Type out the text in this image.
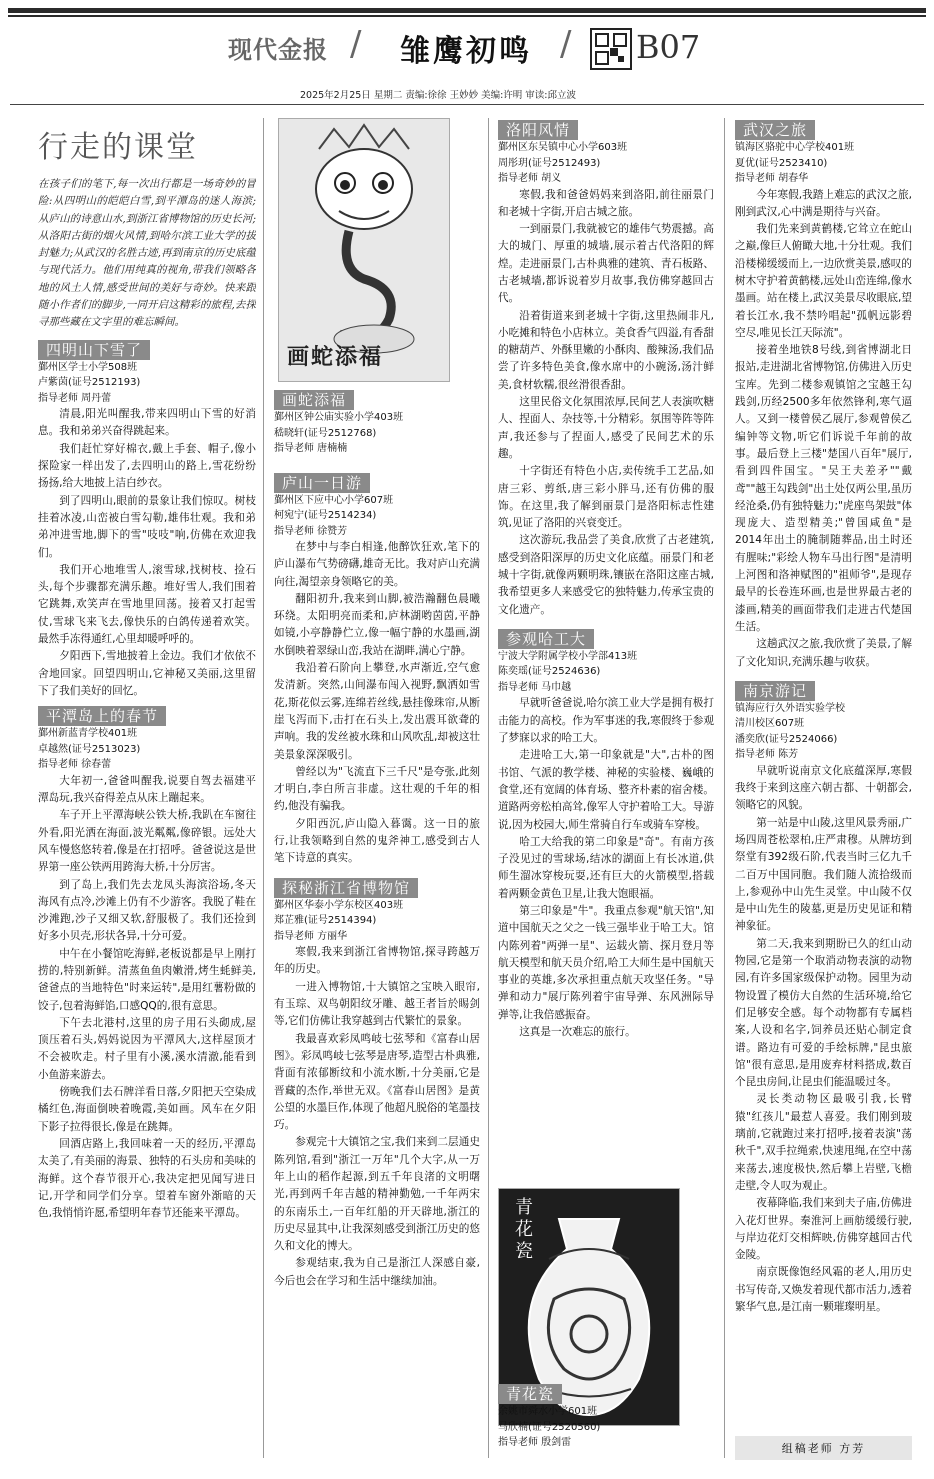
现代金报 / 雏鹰初鸣 / B07
2025年2月25日 星期二 责编:徐徐 王妙妙 美编:许明 审读:邱立波
行走的课堂
在孩子们的笔下,每一次出行都是一场奇妙的冒险:从四明山的皑皑白雪,到平潭岛的迷人海滨;从庐山的诗意山水,到浙江省博物馆的历史长河;从洛阳古街的烟火风情,到哈尔滨工业大学的拔封魅力;从武汉的名胜古迹,再到南京的历史底蕴与现代活力。他们用纯真的视角,带我们领略各地的风土人情,感受世间的美好与奇妙。快来跟随小作者们的脚步,一同开启这精彩的旅程,去探寻那些藏在文字里的难忘瞬间。
四明山下雪了
鄞州区学士小学508班
卢紫茵(证号2512193)
指导老师 周丹蕾

清晨,阳光叫醒我,带来四明山下雪的好消息。我和弟弟兴奋得跳起来。

我们赶忙穿好棉衣,戴上手套、帽子,像小探险家一样出发了,去四明山的路上,雪花纷纷扬扬,给大地披上洁白纱衣。

到了四明山,眼前的景象让我们惊叹。树枝挂着冰凌,山峦被白雪勾勒,雄伟壮观。我和弟弟冲进雪地,脚下的雪"吱吱"响,仿佛在欢迎我们。

我们开心地堆雪人,滚雪球,找树枝、捡石头,每个步骤都充满乐趣。堆好雪人,我们围着它跳舞,欢笑声在雪地里回荡。接着又打起雪仗,雪球飞来飞去,像快乐的白鸽传递着欢笑。最然手冻得通红,心里却暖呼呼的。

夕阳西下,雪地披着上金边。我们才依依不舍地回家。回望四明山,它神秘又美丽,这里留下了我们美好的回忆。

平潭岛上的春节
鄞州新蓝青学校401班
卓越然(证号2513023)
指导老师 徐春蕾

大年初一,爸爸叫醒我,说要自驾去福建平潭岛玩,我兴奋得差点从床上蹦起来。

车子开上平潭海峡公铁大桥,我趴在车窗往外看,阳光洒在海面,波光粼粼,像碎银。远处大风车慢悠悠转着,像是在打招呼。爸爸说这是世界第一座公铁两用跨海大桥,十分厉害。

到了岛上,我们先去龙凤头海滨浴场,冬天海风有点冷,沙滩上仍有不少游客。我脱了鞋在沙滩跑,沙子又细又软,舒服极了。我们还捡到好多小贝壳,形状各异,十分可爱。

中午在小餐馆吃海鲜,老板说都是早上刚打捞的,特别新鲜。清蒸鱼鱼肉嫩滑,烤生蚝鲜美,爸爸点的当地特色"时来运转",是用红薯粉做的饺子,包着海鲜馅,口感QQ的,很有意思。

下午去北港村,这里的房子用石头砌成,屋顶压着石头,妈妈说因为平潭风大,这样屋顶才不会被吹走。村子里有小溪,溪水清澈,能看到小鱼游来游去。

傍晚我们去石牌洋看日落,夕阳把天空染成橘红色,海面倒映着晚霞,美如画。风车在夕阳下影子拉得很长,像是在跳舞。

回酒店路上,我回味着一天的经历,平潭岛太美了,有美丽的海景、独特的石头房和美味的海鲜。这个春节很开心,我决定把见闻写进日记,开学和同学们分享。望着车窗外渐暗的天色,我悄悄许愿,希望明年春节还能来平潭岛。

画蛇添福
画蛇添福
鄞州区钟公庙实验小学403班
嵇晓轩(证号2512768)
指导老师 唐楠楠
庐山一日游
鄞州区下应中心小学607班
柯宛宁(证号2514234)
指导老师 徐赞芳

在梦中与李白相逢,他醉饮狂欢,笔下的庐山瀑布气势磅礴,雄奇无比。我对庐山充满向往,渴望亲身领略它的美。

翻阳初升,我来到山脚,被浩瀚翻色晨曦环绕。太阳明亮而柔和,庐林湖哟茵茵,平静如镜,小亭静静伫立,像一幅宁静的水墨画,湖水倒映着翠绿山峦,我站在湖畔,满心宁静。

我沿着石阶向上攀登,水声渐近,空气愈发清新。突然,山间瀑布闯入视野,飘洒如雪花,斯花似云雾,连绵若丝线,悬挂像珠帘,从断崖飞泻而下,击打在石头上,发出震耳欲聋的声响。我的发丝被水珠和山风吹乱,却被这壮美景象深深吸引。

曾经以为"飞流直下三千尺"是夸张,此刻才明白,李白所言非虚。这壮观的千年的相约,他没有骗我。

夕阳西沉,庐山隐入暮霭。这一日的旅行,让我领略到自然的鬼斧神工,感受到古人笔下诗意的真实。

探秘浙江省博物馆
鄞州区华泰小学东校区403班
郑芷雅(证号2514394)
指导老师 方丽华

寒假,我来到浙江省博物馆,探寻跨越万年的历史。

一进入博物馆,十大镇馆之宝映入眼帘,有玉琮、双鸟朝阳纹牙雕、越王者旨於睗剑等,它们仿佛让我穿越到古代繁忙的景象。

我最喜欢彩凤鸣岐七弦琴和《富春山居图》。彩凤鸣岐七弦琴是唐琴,造型古朴典雅,背面有浓郁断纹和小流水断,十分美丽,它是晋藏的杰作,举世无双。《富春山居图》是黄公望的水墨巨作,体现了他超凡脱俗的笔墨技巧。

参观完十大镇馆之宝,我们来到二层通史陈列馆,看到"浙江一万年"几个大字,从一万年上山的稻作起源,到五千年良渚的文明曙光,再到两千年吉越的精神勤勉,一千年两宋的东南乐土,一百年红船的开天辟地,浙江的历史尽显其中,让我深刻感受到浙江历史的悠久和文化的博大。

参观结束,我为自己是浙江人深感自豪,今后也会在学习和生活中继续加油。

洛阳风情
鄞州区东吴镇中心小学603班
周彤玥(证号2512493)
指导老师 胡义

寒假,我和爸爸妈妈来到洛阳,前往丽景门和老城十字街,开启古城之旅。

一到丽景门,我就被它的雄伟气势震撼。高大的城门、厚重的城墙,展示着古代洛阳的辉煌。走进丽景门,古朴典雅的建筑、青石板路、古老城墙,都诉说着岁月故事,我仿佛穿越回古代。

沿着街道来到老城十字街,这里热闹非凡,小吃摊和特色小店林立。美食香气四溢,有香甜的糖葫芦、外酥里嫩的小酥肉、酸辣汤,我们品尝了许多特色美食,像水席中的小碗汤,汤汁鲜美,食材软糯,很丝滑很香甜。

这里民俗文化氛围浓厚,民间艺人表演吹糖人、捏面人、杂技等,十分精彩。氛围等阵等阵声,我还参与了捏面人,感受了民间艺术的乐趣。

十字街还有特色小店,卖传统手工艺品,如唐三彩、剪纸,唐三彩小胖马,还有仿佛的服饰。在这里,我了解到丽景门是洛阳标志性建筑,见证了洛阳的兴衰变迁。

这次游玩,我品尝了美食,欣赏了古老建筑,感受到洛阳深厚的历史文化底蕴。丽景门和老城十字街,就像两颗明珠,镶嵌在洛阳这座古城,我希望更多人来感受它的独特魅力,传承宝贵的文化遗产。

参观哈工大
宁波大学附属学校小学部413班
陈奕瑶(证号2524636)
指导老师 马巾越

早就听爸爸说,哈尔滨工业大学是拥有极打击能力的高校。作为军事迷的我,寒假终于参观了梦寐以求的哈工大。

走进哈工大,第一印象就是"大",古朴的图书馆、气派的教学楼、神秘的实验楼、巍峨的食堂,还有宽阔的体育场、整齐朴素的宿舍楼。道路两旁松柏高耸,像军人守护着哈工大。导游说,因为校园大,师生常骑自行车或骑车穿梭。

哈工大给我的第二印象是"奇"。有南方孩子没见过的雪球场,结冰的湖面上有长冰道,供师生溜冰穿梭玩耍,还有巨大的火箭模型,搭载着两颗金黄色卫星,让我大饱眼福。

第三印象是"牛"。我重点参观"航天馆",知道中国航天之父之一钱三强毕业于哈工大。馆内陈列着"两弹一星"、运载火箭、探月登月等航天模型和航天员介绍,哈工大师生是中国航天事业的英雄,多次承担重点航天攻坚任务。"导弹和动力"展厅陈列着宇宙导弹、东风洲际导弹等,让我倍感振奋。

这真是一次难忘的旅行。

青花瓷
青花瓷
余姚市舜水小学601班
马欣楠(证号2520560)
指导老师 殷剑雷
武汉之旅
镇海区骆驼中心学校401班
夏优(证号2523410)
指导老师 胡春华

今年寒假,我踏上难忘的武汉之旅,刚到武汉,心中满是期待与兴奋。

我们先来到黄鹤楼,它耸立在蛇山之巅,像巨人俯瞰大地,十分壮观。我们沿楼梯缓缓而上,一边欣赏美景,感叹的树木守护着黄鹤楼,远处山峦连绵,像水墨画。站在楼上,武汉美景尽收眼底,望着长江水,我不禁吟唱起"孤帆远影碧空尽,唯见长江天际流"。

接着坐地铁8号线,到省博湖北日报站,走进湖北省博物馆,仿佛进入历史宝库。先到二楼参观镇馆之宝越王勾践剑,历经2500多年依然锋利,寒气逼人。又到一楼曾侯乙展厅,参观曾侯乙编钟等文物,听它们诉说千年前的故事。最后登上三楼"楚国八百年"展厅,看到四件国宝。"吴王夫差矛""戴鸢""越王勾践剑"出土处仅两公里,虽历经沧桑,仍有独特魅力;"虎座鸟架鼓"体现庞大、造型精美;"曾国咸鱼"是2014年出土的腌制随葬品,出土时还有腥味;"彩绘人物车马出行图"是清明上河图和洛神赋图的"祖师爷",是现存最早的长卷连环画,也是世界最古老的漆画,精美的画面带我们走进古代楚国生活。

这趟武汉之旅,我欣赏了美景,了解了文化知识,充满乐趣与收获。

南京游记
镇海应行久外语实验学校
清川校区607班
潘奕欣(证号2524066)
指导老师 陈芳

早就听说南京文化底蕴深厚,寒假我终于来到这座六朝古都、十朝都会,领略它的风貌。

第一站是中山陵,这里风景秀丽,广场四周苍松翠柏,庄严肃穆。从牌坊到祭堂有392级石阶,代表当时三亿九千二百万中国同胞。我们随人流拾级而上,参观孙中山先生灵堂。中山陵不仅是中山先生的陵墓,更是历史见证和精神象征。

第二天,我来到期盼已久的红山动物园,它是第一个取消动物表演的动物园,有许多国家级保护动物。园里为动物设置了模仿大自然的生活环境,给它们足够安全感。每个动物都有专属档案,人设和名字,饲养员还贴心制定食谱。路边有可爱的手绘标牌,"昆虫旅馆"很有意思,是用废弃材料搭成,数百个昆虫房间,让昆虫们能温暖过冬。

灵长类动物区最吸引我,长臂猿"红孩儿"最惹人喜爱。我们刚到玻璃前,它就跑过来打招呼,接着表演"荡秋千",双手拉绳索,快速甩绳,在空中荡来荡去,速度极快,然后攀上岩壁,飞檐走壁,令人叹为观止。

夜幕降临,我们来到夫子庙,仿佛进入花灯世界。秦淮河上画舫缓缓行驶,与岸边花灯交相辉映,仿佛穿越回古代金陵。

南京既像饱经风霜的老人,用历史书写传奇,又焕发着现代都市活力,透着繁华气息,是江南一颗璀璨明星。

组稿老师 方芳
